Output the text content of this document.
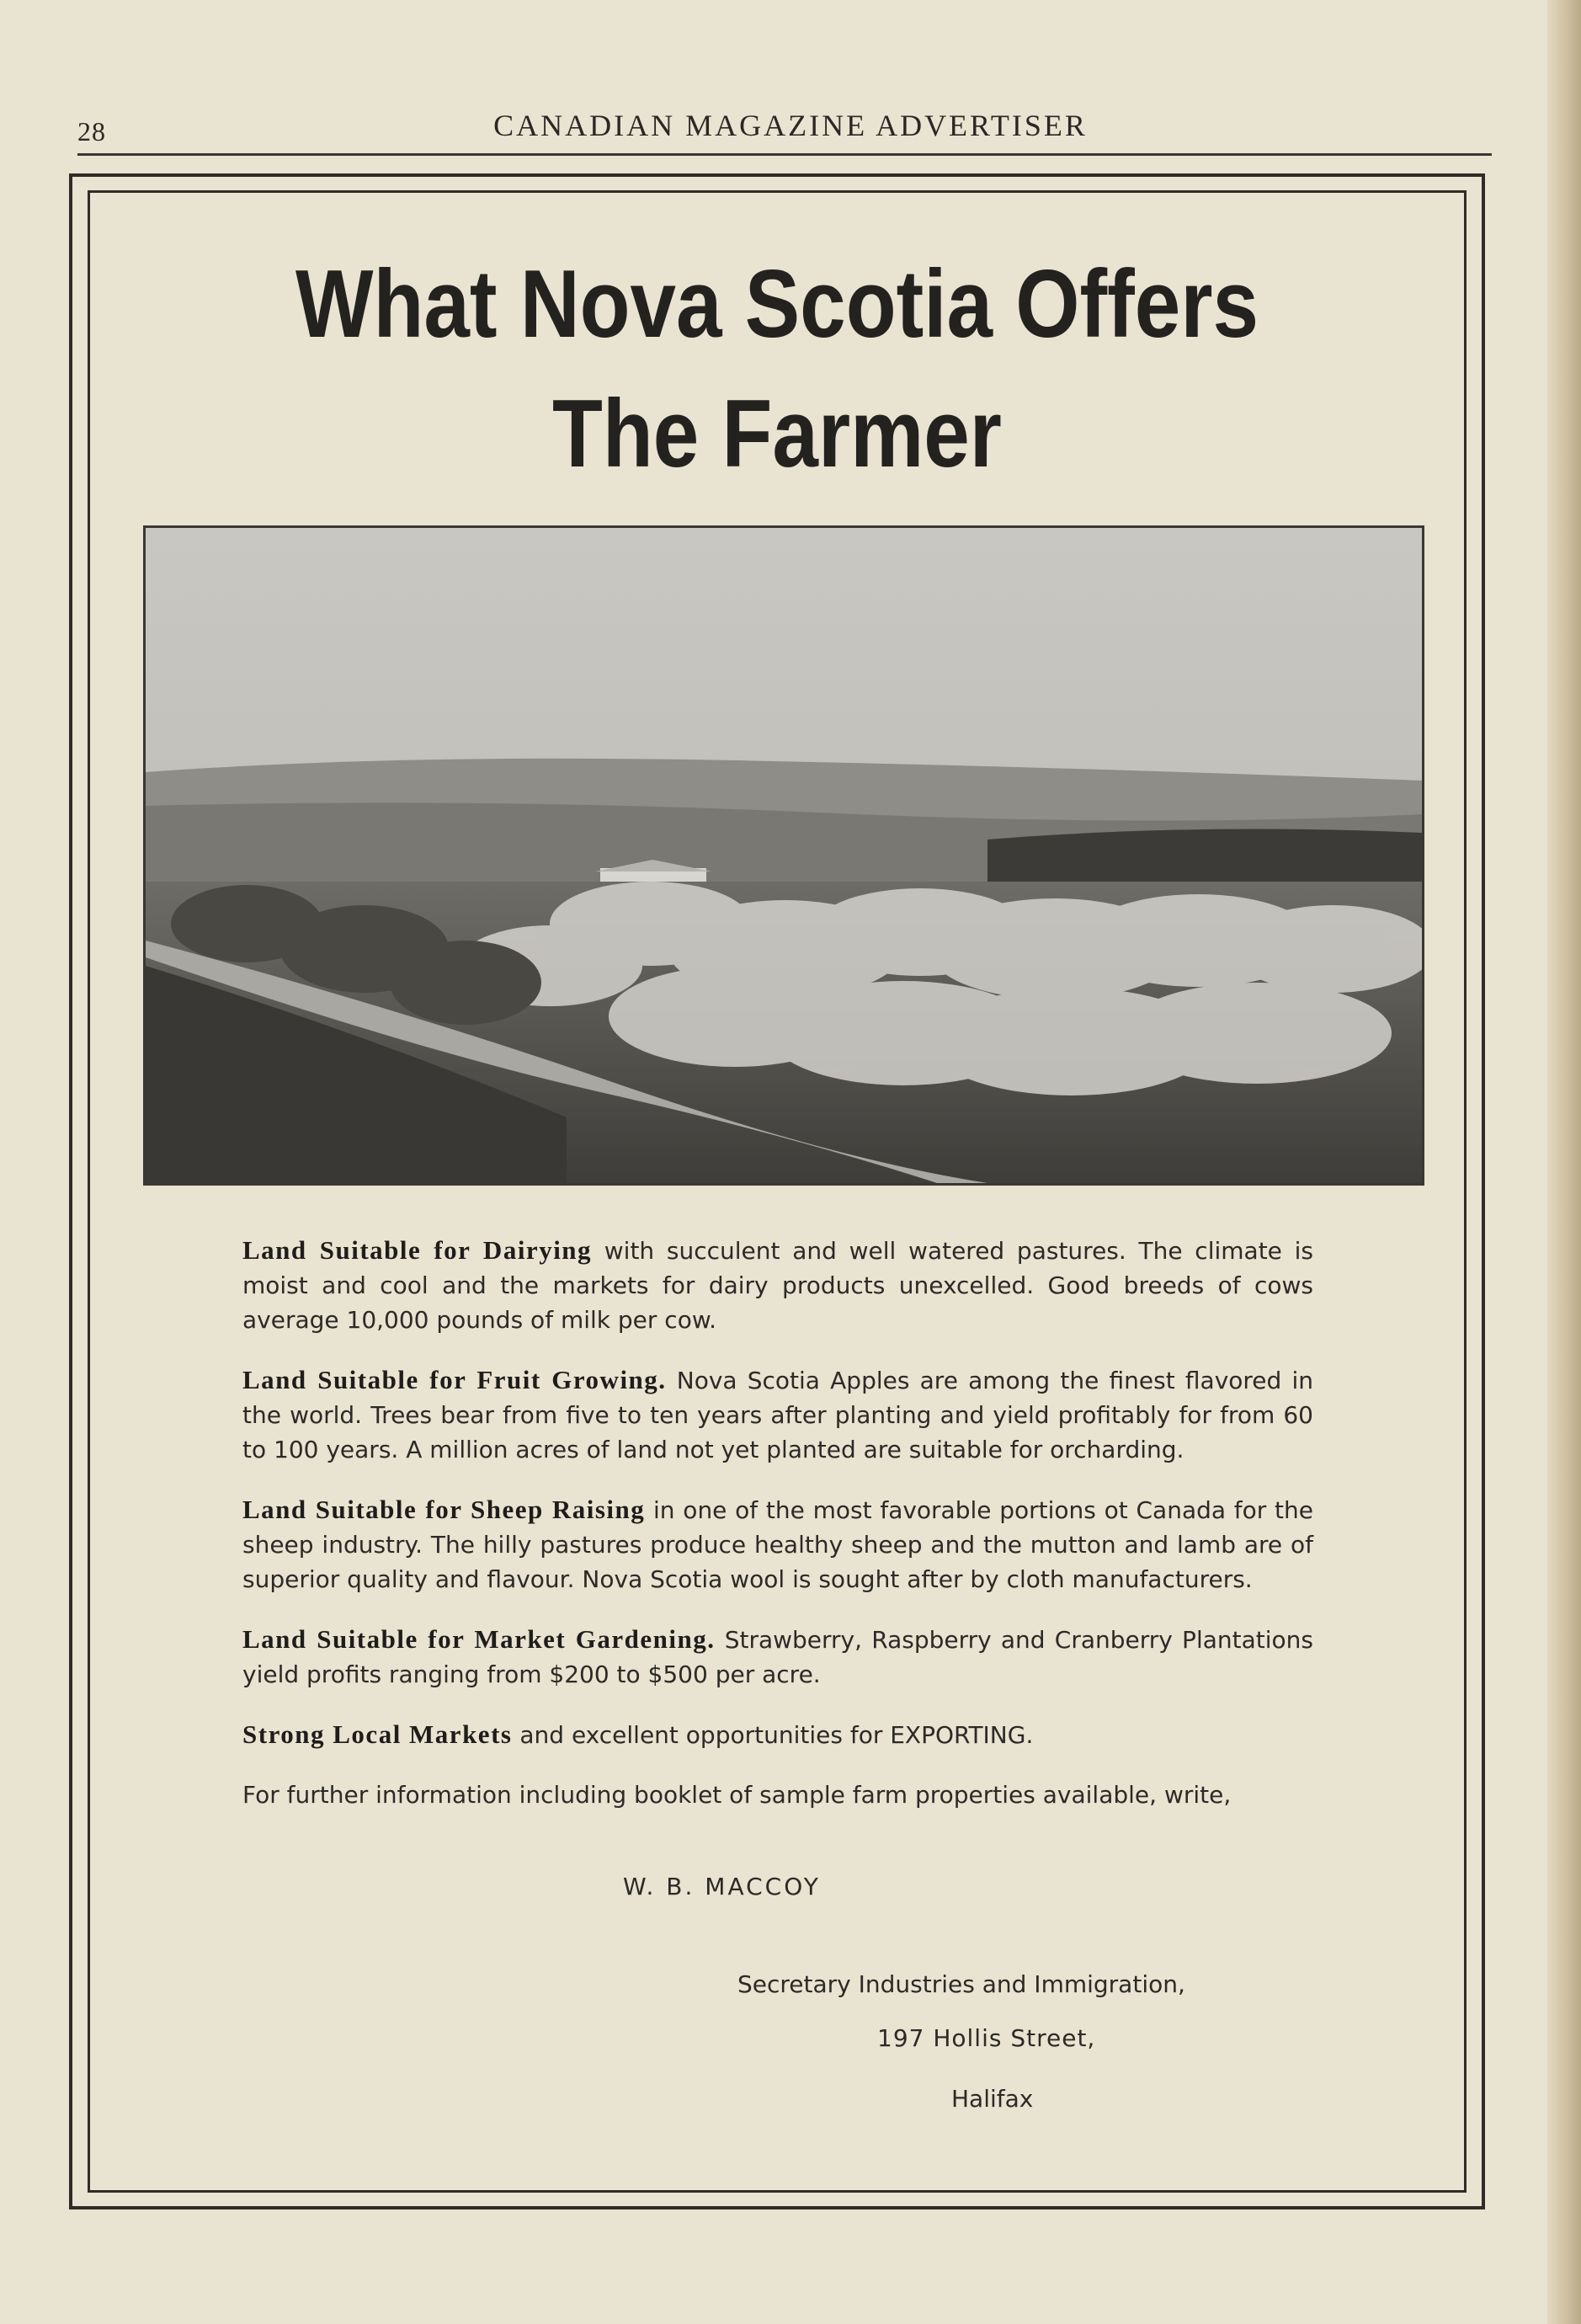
28	CANADIAN MAGAZINE ADVERTISER
What Nova Scotia Offers
The Farmer

Land Suitable for Dairying with succulent and well watered pastures. The climate is moist and cool and the markets for dairy products unexcelled. Good breeds of cows average 10,000 pounds of milk per cow.

Land Suitable for Fruit Growing. Nova Scotia Apples are among the finest flavored in the world. Trees bear from five to ten years after planting and yield profitably for from 60 to 100 years. A million acres of land not yet planted are suitable for orcharding.

Land Suitable for Sheep Raising in one of the most favorable portions ot Canada for the sheep industry. The hilly pastures produce healthy sheep and the mutton and lamb are of superior quality and flavour. Nova Scotia wool is sought after by cloth manufacturers.

Land Suitable for Market Gardening. Strawberry, Raspberry and Cranberry Plantations yield profits ranging from $200 to $500 per acre.

Strong Local Markets and excellent opportunities for EXPORTING.

For further information including booklet of sample farm properties available, write,

W. B. MACCOY
Secretary Industries and Immigration,
197 Hollis Street,
Halifax
